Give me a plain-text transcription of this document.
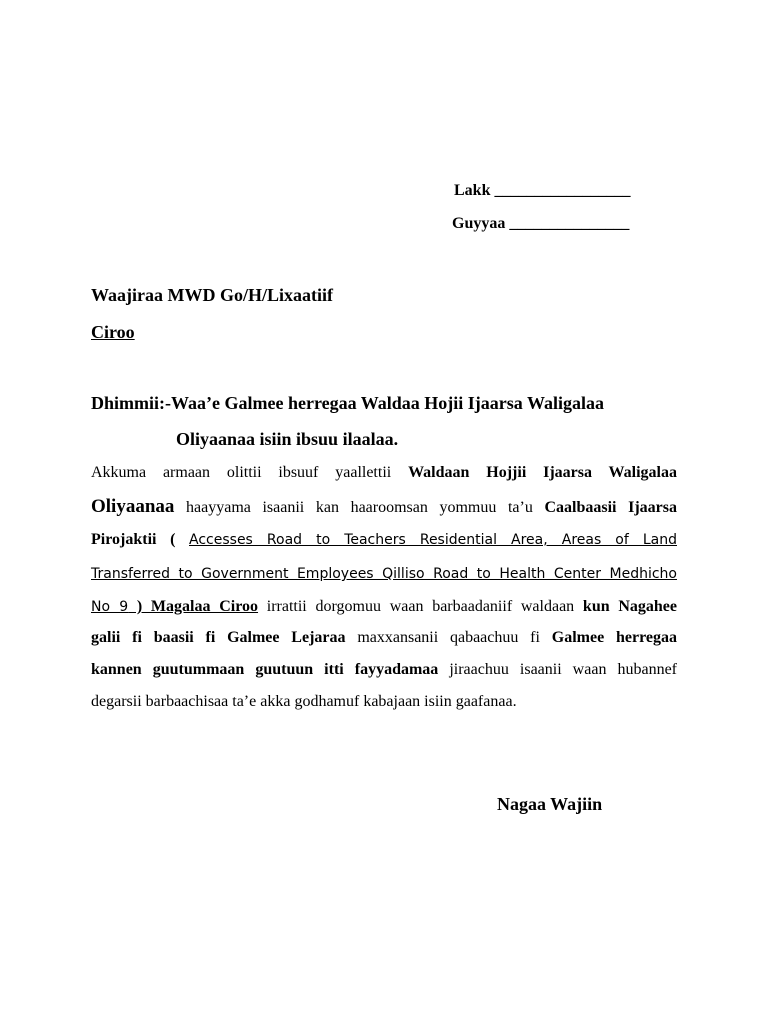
Lakk _________________
Guyyaa _______________
Waajiraa MWD Go/H/Lixaatiif
Ciroo
Dhimmii:-Waa’e Galmee herregaa Waldaa Hojii Ijaarsa Waligalaa
Oliyaanaa isiin ibsuu ilaalaa.
Akkuma armaan olittii ibsuuf yaallettii Waldaan Hojjii Ijaarsa Waligalaa
Oliyaanaa haayyama isaanii kan haaroomsan yommuu ta’u Caalbaasii Ijaarsa
Pirojaktii ( Accesses Road to Teachers Residential Area, Areas of Land
Transferred to Government Employees Qilliso Road to Health Center Medhicho
No 9 ) Magalaa Ciroo irrattii dorgomuu waan barbaadaniif waldaan kun Nagahee
galii fi baasii fi Galmee Lejaraa maxxansanii qabaachuu fi Galmee herregaa
kannen guutummaan guutuun itti fayyadamaa jiraachuu isaanii waan hubannef
degarsii barbaachisaa ta’e akka godhamuf kabajaan isiin gaafanaa.
Nagaa Wajiin
